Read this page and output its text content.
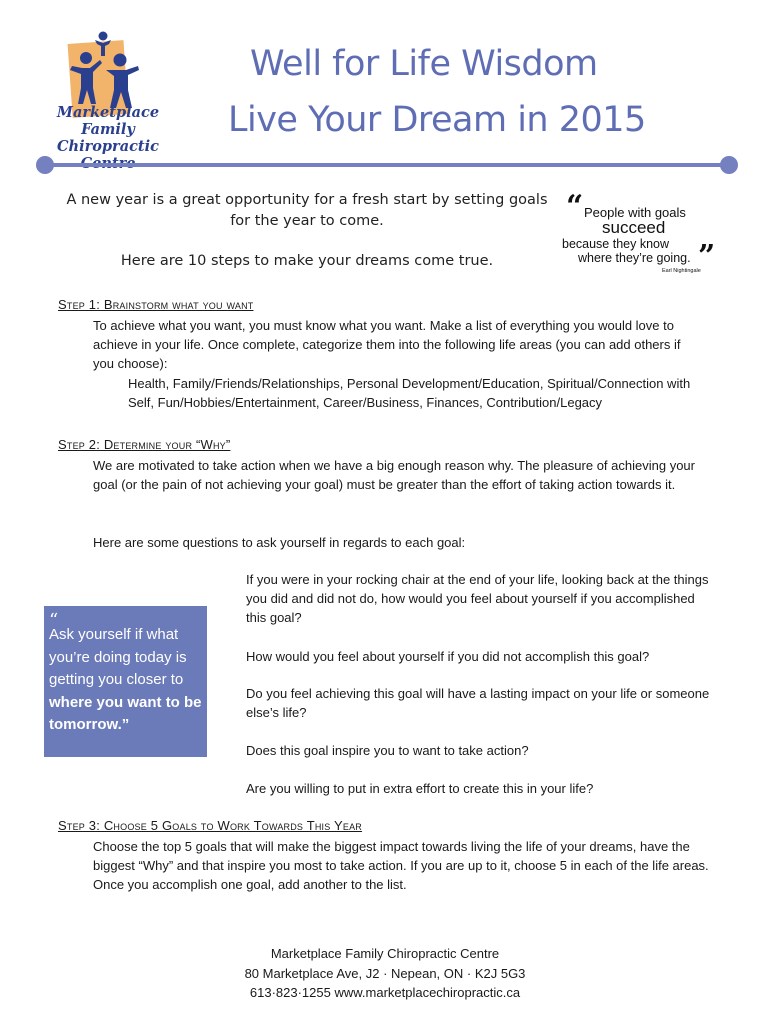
Marketplace Family
Chiropractic
Well for Life Wisdom
Live Your Dream in 2015
A new year is a great opportunity for a fresh start by setting goals for the year to come.
Here are 10 steps to make your dreams come true.
“ People with goals
succeed
because they know
where they’re going. ”
Earl Nightingale
Step 1: Brainstorm what you want
To achieve what you want, you must know what you want. Make a list of everything you would love to achieve in your life. Once complete, categorize them into the following life areas (you can add others if you choose):
Health, Family/Friends/Relationships, Personal Development/Education, Spiritual/Connection with Self, Fun/Hobbies/Entertainment, Career/Business, Finances, Contribution/Legacy
Step 2: Determine your “Why”
We are motivated to take action when we have a big enough reason why. The pleasure of achieving your goal (or the pain of not achieving your goal) must be greater than the effort of taking action towards it.
Here are some questions to ask yourself in regards to each goal:
If you were in your rocking chair at the end of your life, looking back at the things you did and did not do, how would you feel about yourself if you accomplished this goal?
How would you feel about yourself if you did not accomplish this goal?
Do you feel achieving this goal will have a lasting impact on your life or someone else’s life?
Does this goal inspire you to want to take action?
Are you willing to put in extra effort to create this in your life?
“
Ask yourself if what you’re doing today is getting you closer to where you want to be tomorrow.”
Step 3: Choose 5 Goals to Work Towards This Year
Choose the top 5 goals that will make the biggest impact towards living the life of your dreams, have the biggest “Why” and that inspire you most to take action. If you are up to it, choose 5 in each of the life areas. Once you accomplish one goal, add another to the list.
Marketplace Family Chiropractic Centre
80 Marketplace Ave, J2 · Nepean, ON · K2J 5G3
613·823·1255 www.marketplacechiropractic.ca
